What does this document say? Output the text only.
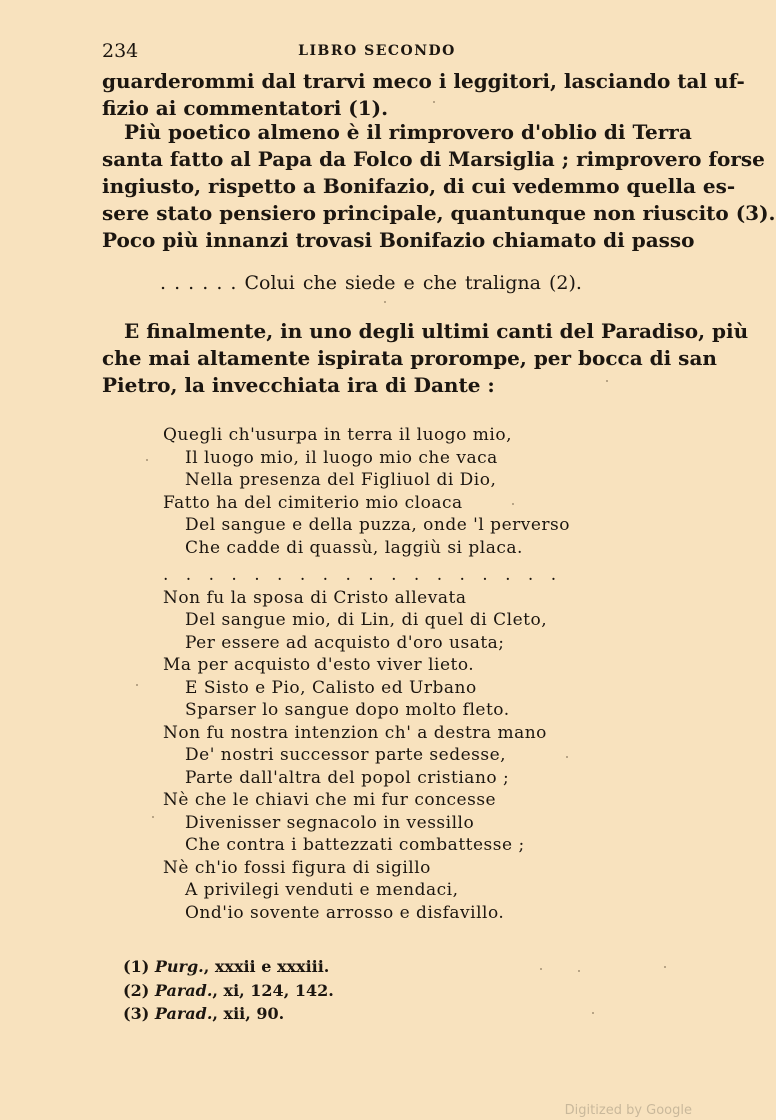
234	LIBRO SECONDO
guarderommi dal trarvi meco i leggitori, lasciando tal uf-
fizio ai commentatori (1).
Più poetico almeno è il rimprovero d'oblio di Terra
santa fatto al Papa da Folco di Marsiglia ; rimprovero forse
ingiusto, rispetto a Bonifazio, di cui vedemmo quella es-
sere stato pensiero principale, quantunque non riuscito (3).
Poco più innanzi trovasi Bonifazio chiamato di passo
. . . . . . Colui che siede e che traligna (2).
E finalmente, in uno degli ultimi canti del Paradiso, più
che mai altamente ispirata prorompe, per bocca di san
Pietro, la invecchiata ira di Dante :
Quegli ch'usurpa in terra il luogo mio,
Il luogo mio, il luogo mio che vaca
Nella presenza del Figliuol di Dio,
Fatto ha del cimiterio mio cloaca
Del sangue e della puzza, onde 'l perverso
Che cadde di quassù, laggiù si placa.
. . . . . . . . . . . . . . . . . .
Non fu la sposa di Cristo allevata
Del sangue mio, di Lin, di quel di Cleto,
Per essere ad acquisto d'oro usata;
Ma per acquisto d'esto viver lieto.
E Sisto e Pio, Calisto ed Urbano
Sparser lo sangue dopo molto fleto.
Non fu nostra intenzion ch' a destra mano
De' nostri successor parte sedesse,
Parte dall'altra del popol cristiano ;
Nè che le chiavi che mi fur concesse
Divenisser segnacolo in vessillo
Che contra i battezzati combattesse ;
Nè ch'io fossi figura di sigillo
A privilegi venduti e mendaci,
Ond'io sovente arrosso e disfavillo.
(1) Purg., xxxii e xxxiii.
(2) Parad., xi, 124, 142.
(3) Parad., xii, 90.
Digitized by Google
